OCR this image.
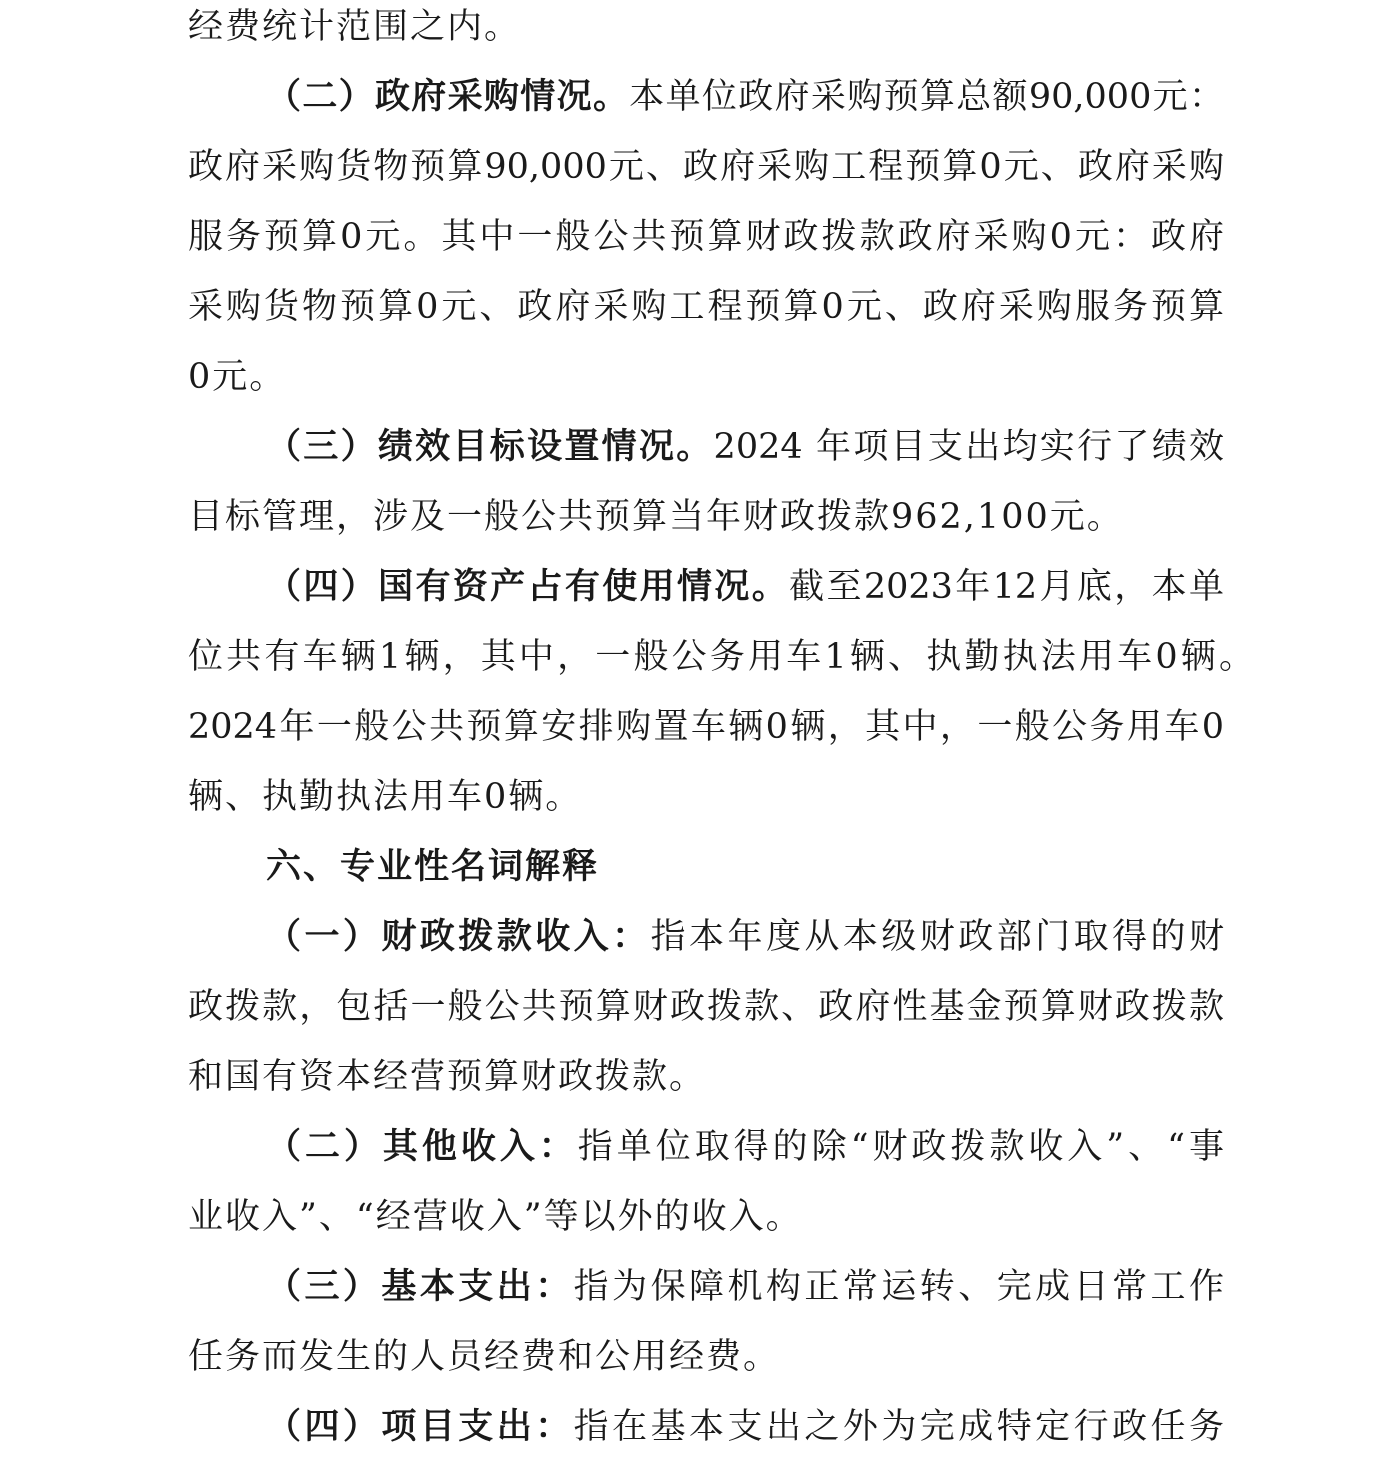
经费统计范围之内。
（二）政府采购情况。本单位政府采购预算总额90,000元：
政府采购货物预算90,000元、政府采购工程预算0元、政府采购
服务预算0元。其中一般公共预算财政拨款政府采购0元：政府
采购货物预算0元、政府采购工程预算0元、政府采购服务预算
0元。
（三）绩效目标设置情况。2024 年项目支出均实行了绩效
目标管理，涉及一般公共预算当年财政拨款962,100元。
（四）国有资产占有使用情况。截至2023年12月底，本单
位共有车辆1辆，其中，一般公务用车1辆、执勤执法用车0辆。
2024年一般公共预算安排购置车辆0辆，其中，一般公务用车0
辆、执勤执法用车0辆。
六、专业性名词解释
（一）财政拨款收入：指本年度从本级财政部门取得的财
政拨款，包括一般公共预算财政拨款、政府性基金预算财政拨款
和国有资本经营预算财政拨款。
（二）其他收入：指单位取得的除“财政拨款收入”、“事
业收入”、“经营收入”等以外的收入。
（三）基本支出：指为保障机构正常运转、完成日常工作
任务而发生的人员经费和公用经费。
（四）项目支出：指在基本支出之外为完成特定行政任务
